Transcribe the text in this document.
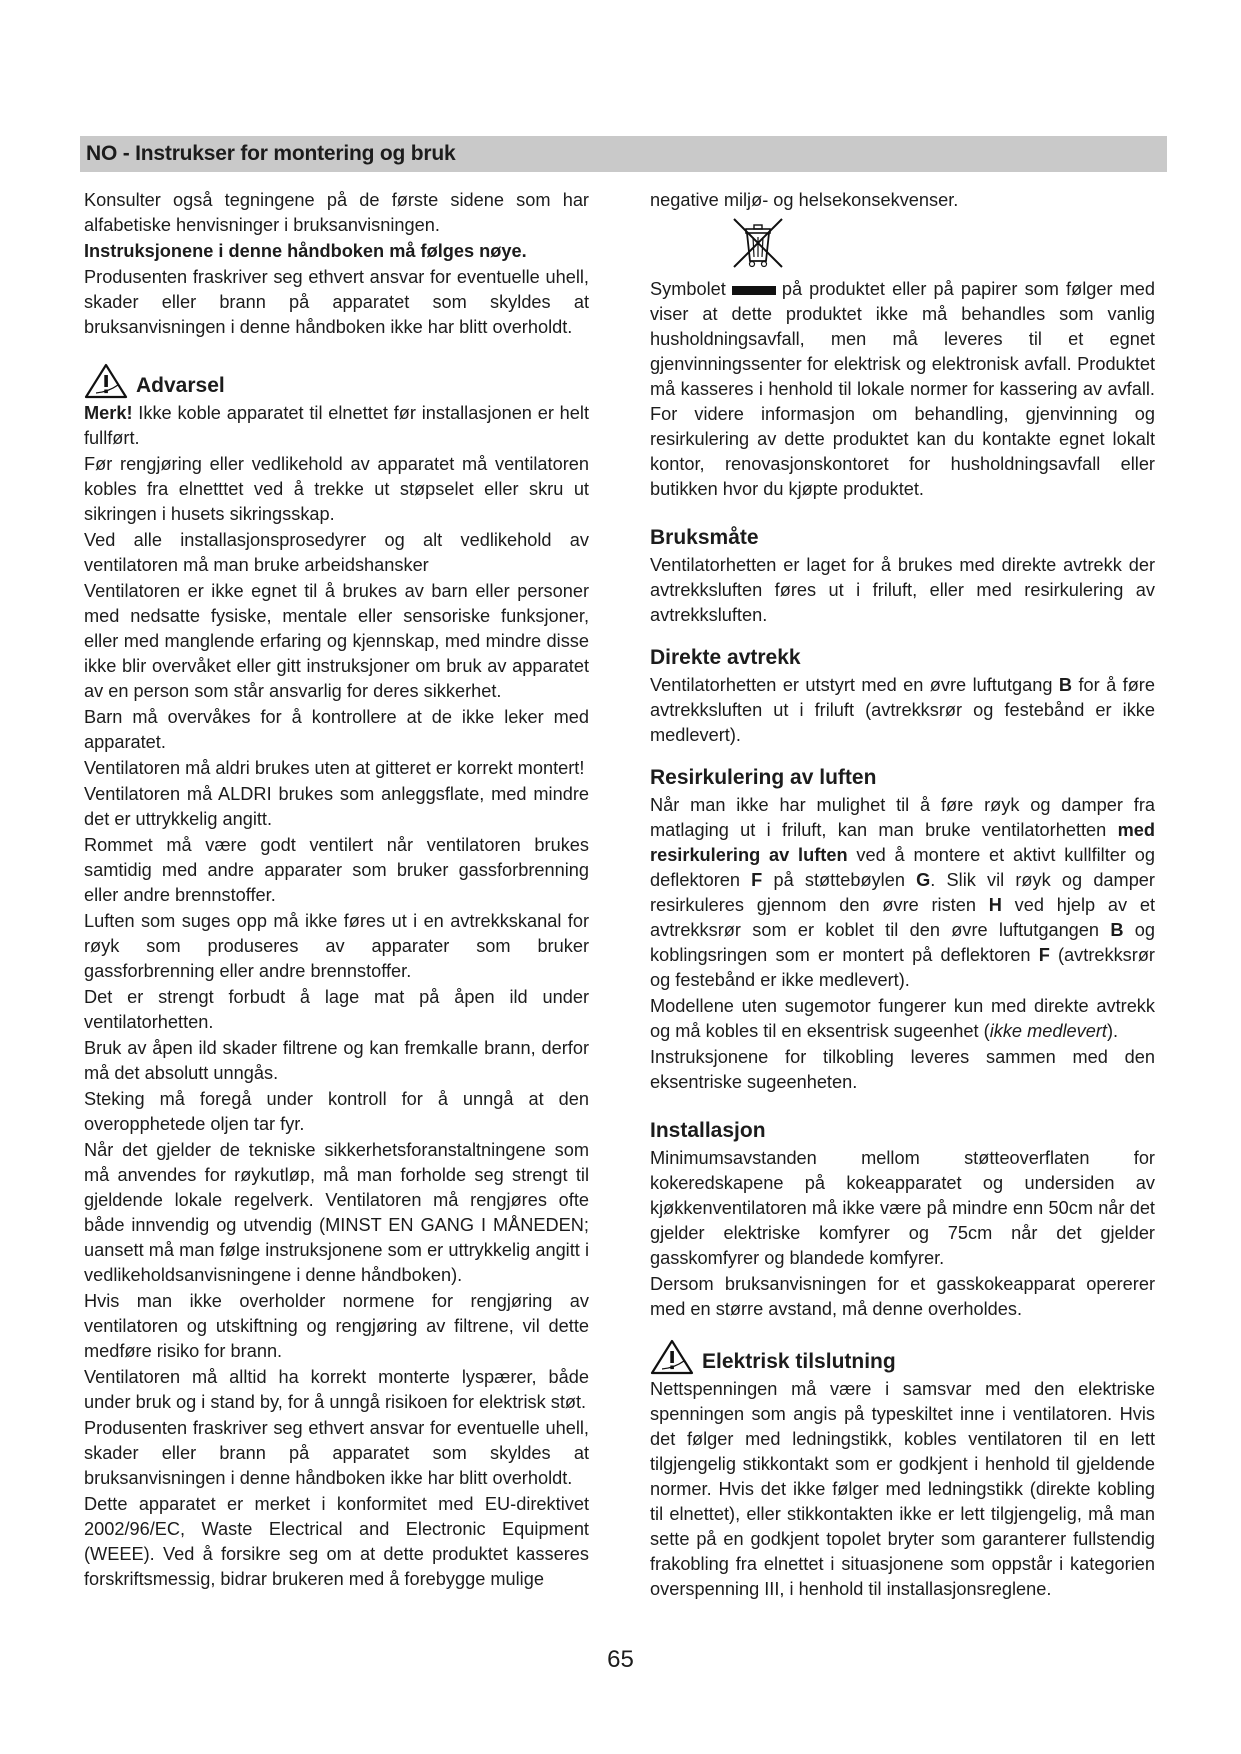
NO - Instrukser for montering og bruk

Konsulter også tegningene på de første sidene som har alfabetiske henvisninger i bruksanvisningen.

Instruksjonene i denne håndboken må følges nøye.

Produsenten fraskriver seg ethvert ansvar for eventuelle uhell, skader eller brann på apparatet som skyldes at bruksanvisningen i denne håndboken ikke har blitt overholdt.

Advarsel

Merk! Ikke koble apparatet til elnettet før installasjonen er helt fullført.

Før rengjøring eller vedlikehold av apparatet må ventilatoren kobles fra elnetttet ved å trekke ut støpselet eller skru ut sikringen i husets sikringsskap.

Ved alle installasjonsprosedyrer og alt vedlikehold av ventilatoren må man bruke arbeidshansker

Ventilatoren er ikke egnet til å brukes av barn eller personer med nedsatte fysiske, mentale eller sensoriske funksjoner, eller med manglende erfaring og kjennskap, med mindre disse ikke blir overvåket eller gitt instruksjoner om bruk av apparatet av en person som står ansvarlig for deres sikkerhet.

Barn må overvåkes for å kontrollere at de ikke leker med apparatet.

Ventilatoren må aldri brukes uten at gitteret er korrekt montert!

Ventilatoren må ALDRI brukes som anleggsflate, med mindre det er uttrykkelig angitt.

Rommet må være godt ventilert når ventilatoren brukes samtidig med andre apparater som bruker gassforbrenning eller andre brennstoffer.

Luften som suges opp må ikke føres ut i en avtrekkskanal for røyk som produseres av apparater som bruker gassforbrenning eller andre brennstoffer.

Det er strengt forbudt å lage mat på åpen ild under ventilatorhetten.

Bruk av åpen ild skader filtrene og kan fremkalle brann, derfor må det absolutt unngås.

Steking må foregå under kontroll for å unngå at den overopphetede oljen tar fyr.

Når det gjelder de tekniske sikkerhetsforanstaltningene som må anvendes for røykutløp, må man forholde seg strengt til gjeldende lokale regelverk. Ventilatoren må rengjøres ofte både innvendig og utvendig (MINST EN GANG I MÅNEDEN; uansett må man følge instruksjonene som er uttrykkelig angitt i vedlikeholdsanvisningene i denne håndboken).

Hvis man ikke overholder normene for rengjøring av ventilatoren og utskiftning og rengjøring av filtrene, vil dette medføre risiko for brann.

Ventilatoren må alltid ha korrekt monterte lyspærer, både under bruk og i stand by, for å unngå risikoen for elektrisk støt.

Produsenten fraskriver seg ethvert ansvar for eventuelle uhell, skader eller brann på apparatet som skyldes at bruksanvisningen i denne håndboken ikke har blitt overholdt.

Dette apparatet er merket i konformitet med EU-direktivet 2002/96/EC, Waste Electrical and Electronic Equipment (WEEE). Ved å forsikre seg om at dette produktet kasseres forskriftsmessig, bidrar brukeren med å forebygge mulige

negative miljø- og helsekonsekvenser.

Symbolet	på produktet eller på papirer som følger med viser at dette produktet ikke må behandles som vanlig husholdningsavfall, men må leveres til et egnet gjenvinningssenter for elektrisk og elektronisk avfall. Produktet må kasseres i henhold til lokale normer for kassering av avfall. For videre informasjon om behandling, gjenvinning og resirkulering av dette produktet kan du kontakte egnet lokalt kontor, renovasjonskontoret for husholdningsavfall eller butikken hvor du kjøpte produktet.

Bruksmåte

Ventilatorhetten er laget for å brukes med direkte avtrekk der avtrekksluften føres ut i friluft, eller med resirkulering av avtrekksluften.

Direkte avtrekk

Ventilatorhetten er utstyrt med en øvre luftutgang B for å føre avtrekksluften ut i friluft (avtrekksrør og festebånd er ikke medlevert).

Resirkulering av luften

Når man ikke har mulighet til å føre røyk og damper fra matlaging ut i friluft, kan man bruke ventilatorhetten med resirkulering av luften ved å montere et aktivt kullfilter og deflektoren F på støttebøylen G. Slik vil røyk og damper resirkuleres gjennom den øvre risten H ved hjelp av et avtrekksrør som er koblet til den øvre luftutgangen B og koblingsringen som er montert på deflektoren F (avtrekksrør og festebånd er ikke medlevert).

Modellene uten sugemotor fungerer kun med direkte avtrekk og må kobles til en eksentrisk sugeenhet (ikke medlevert).

Instruksjonene for tilkobling leveres sammen med den eksentriske sugeenheten.

Installasjon

Minimumsavstanden mellom støtteoverflaten for kokeredskapene på kokeapparatet og undersiden av kjøkkenventilatoren må ikke være på mindre enn 50cm når det gjelder elektriske komfyrer og 75cm når det gjelder gasskomfyrer og blandede komfyrer.

Dersom bruksanvisningen for et gasskokeapparat opererer med en større avstand, må denne overholdes.

Elektrisk tilslutning

Nettspenningen må være i samsvar med den elektriske spenningen som angis på typeskiltet inne i ventilatoren. Hvis det følger med ledningstikk, kobles ventilatoren til en lett tilgjengelig stikkontakt som er godkjent i henhold til gjeldende normer. Hvis det ikke følger med ledningstikk (direkte kobling til elnettet), eller stikkontakten ikke er lett tilgjengelig, må man sette på en godkjent topolet bryter som garanterer fullstendig frakobling fra elnettet i situasjonene som oppstår i kategorien overspenning III, i henhold til installasjonsreglene.

65
